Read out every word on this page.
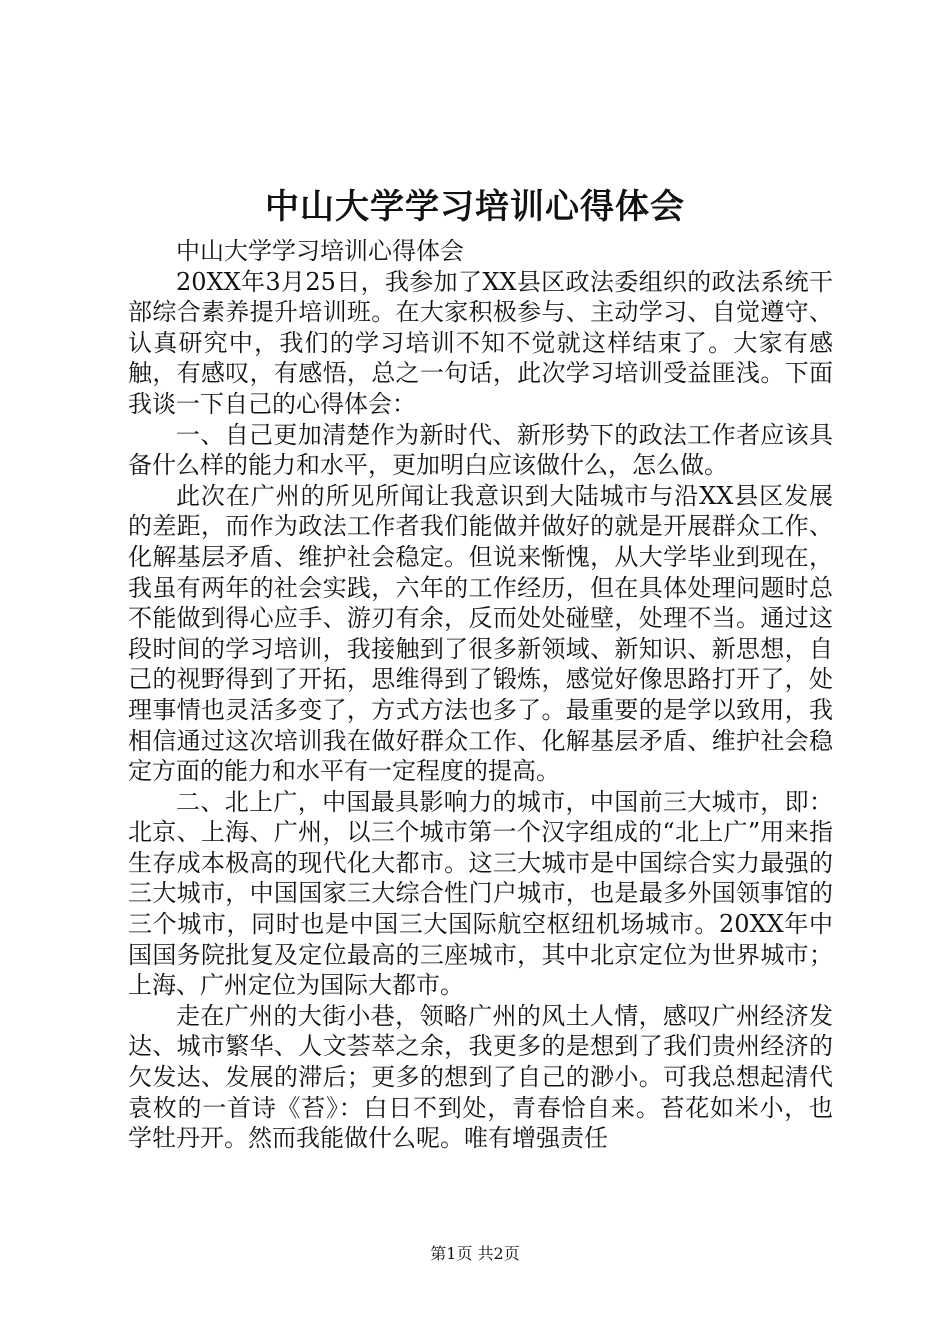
中山大学学习培训心得体会

中山大学学习培训心得体会

20XX年3月25日，我参加了XX县区政法委组织的政法系统干部综合素养提升培训班。在大家积极参与、主动学习、自觉遵守、认真研究中，我们的学习培训不知不觉就这样结束了。大家有感触，有感叹，有感悟，总之一句话，此次学习培训受益匪浅。下面我谈一下自己的心得体会：

一、自己更加清楚作为新时代、新形势下的政法工作者应该具备什么样的能力和水平，更加明白应该做什么，怎么做。

此次在广州的所见所闻让我意识到大陆城市与沿XX县区发展的差距，而作为政法工作者我们能做并做好的就是开展群众工作、化解基层矛盾、维护社会稳定。但说来惭愧，从大学毕业到现在，我虽有两年的社会实践，六年的工作经历，但在具体处理问题时总不能做到得心应手、游刃有余，反而处处碰壁，处理不当。通过这段时间的学习培训，我接触到了很多新领域、新知识、新思想，自己的视野得到了开拓，思维得到了锻炼，感觉好像思路打开了，处理事情也灵活多变了，方式方法也多了。最重要的是学以致用，我相信通过这次培训我在做好群众工作、化解基层矛盾、维护社会稳定方面的能力和水平有一定程度的提高。

二、北上广，中国最具影响力的城市，中国前三大城市，即：北京、上海、广州，以三个城市第一个汉字组成的“北上广”用来指生存成本极高的现代化大都市。这三大城市是中国综合实力最强的三大城市，中国国家三大综合性门户城市，也是最多外国领事馆的三个城市，同时也是中国三大国际航空枢纽机场城市。20XX年中国国务院批复及定位最高的三座城市，其中北京定位为世界城市；上海、广州定位为国际大都市。

走在广州的大街小巷，领略广州的风土人情，感叹广州经济发达、城市繁华、人文荟萃之余，我更多的是想到了我们贵州经济的欠发达、发展的滞后；更多的想到了自己的渺小。可我总想起清代袁枚的一首诗《苔》：白日不到处，青春恰自来。苔花如米小，也学牡丹开。然而我能做什么呢。唯有增强责任

第1页 共2页
